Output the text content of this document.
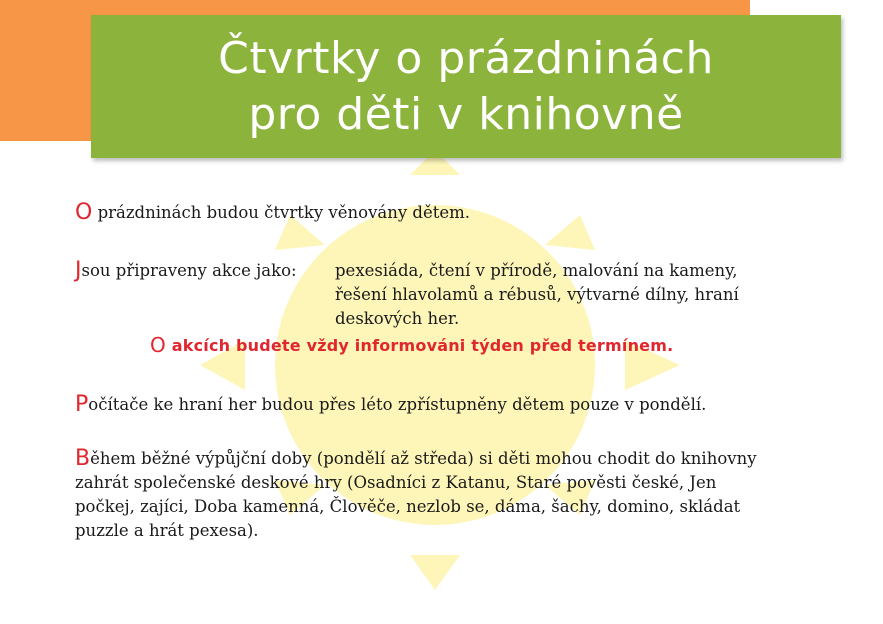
Čtvrtky o prázdninách
pro děti v knihovně
O prázdninách budou čtvrtky věnovány dětem.
Jsou připraveny akce jako: pexesiáda, čtení v přírodě, malování na kameny,
řešení hlavolamů a rébusů, výtvarné dílny, hraní
deskových her.
O akcích budete vždy informováni týden před termínem.
Počítače ke hraní her budou přes léto zpřístupněny dětem pouze v pondělí.
Během běžné výpůjční doby (pondělí až středa) si děti mohou chodit do knihovny
zahrát společenské deskové hry (Osadníci z Katanu, Staré pověsti české, Jen
počkej, zajíci, Doba kamenná, Člověče, nezlob se, dáma, šachy, domino, skládat
puzzle a hrát pexesa).
